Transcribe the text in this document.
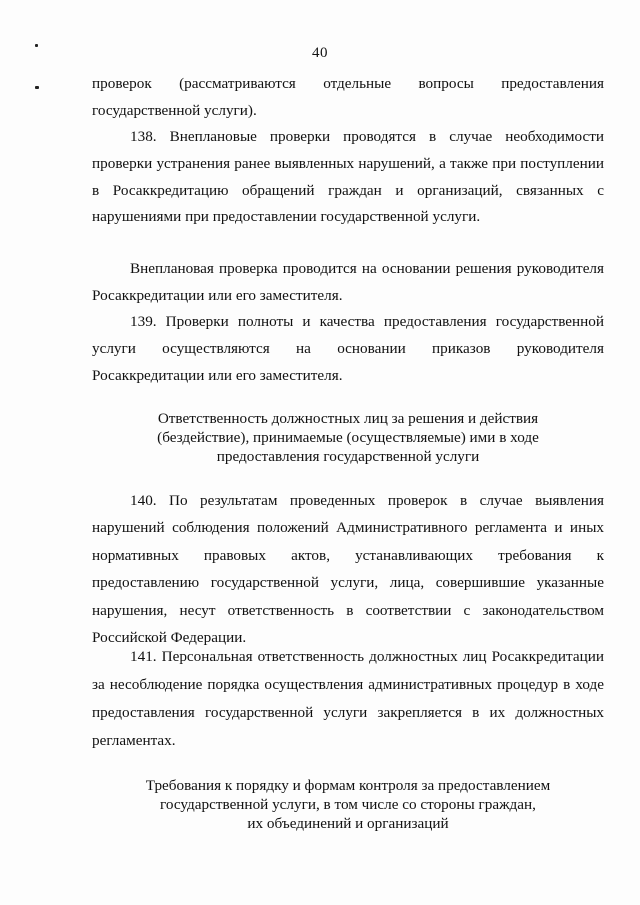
40

проверок (рассматриваются отдельные вопросы предоставления государственной услуги).

138. Внеплановые проверки проводятся в случае необходимости проверки устранения ранее выявленных нарушений, а также при поступлении в Росаккредитацию обращений граждан и организаций, связанных с нарушениями при предоставлении государственной услуги.

Внеплановая проверка проводится на основании решения руководителя Росаккредитации или его заместителя.

139. Проверки полноты и качества предоставления государственной услуги осуществляются на основании приказов руководителя Росаккредитации или его заместителя.

Ответственность должностных лиц за решения и действия
(бездействие), принимаемые (осуществляемые) ими в ходе
предоставления государственной услуги

140. По результатам проведенных проверок в случае выявления нарушений соблюдения положений Административного регламента и иных нормативных правовых актов, устанавливающих требования к предоставлению государственной услуги, лица, совершившие указанные нарушения, несут ответственность в соответствии с законодательством Российской Федерации.

141. Персональная ответственность должностных лиц Росаккредитации за несоблюдение порядка осуществления административных процедур в ходе предоставления государственной услуги закрепляется в их должностных регламентах.

Требования к порядку и формам контроля за предоставлением
государственной услуги, в том числе со стороны граждан,
их объединений и организаций
